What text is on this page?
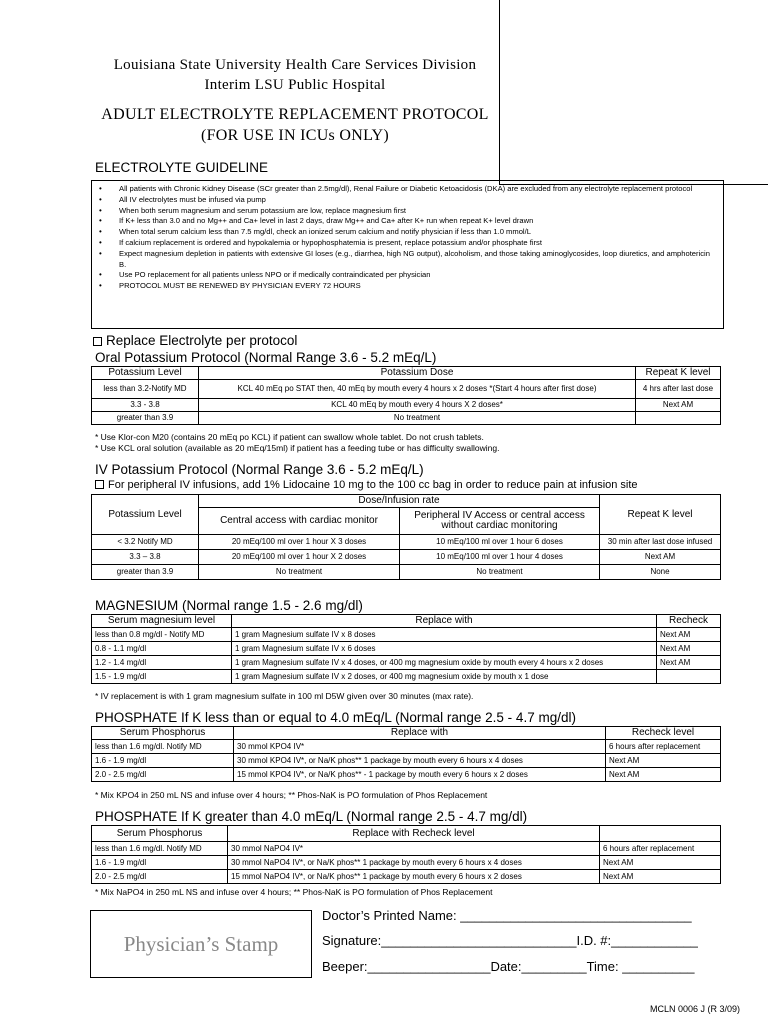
Louisiana State University Health Care Services Division
Interim LSU Public Hospital
ADULT ELECTROLYTE REPLACEMENT PROTOCOL
(FOR USE IN ICUs ONLY)
ELECTROLYTE GUIDELINE
• All patients with Chronic Kidney Disease (SCr greater than 2.5mg/dl), Renal Failure or Diabetic Ketoacidosis (DKA) are excluded from any electrolyte replacement protocol
• All IV electrolytes must be infused via pump
• When both serum magnesium and serum potassium are low, replace magnesium first
• If K+ less than 3.0 and no Mg++ and Ca+ level in last 2 days, draw Mg++ and Ca+ after K+ run when repeat K+ level drawn
• When total serum calcium less than 7.5 mg/dl, check an ionized serum calcium and notify physician if less than 1.0 mmol/L
• If calcium replacement is ordered and hypokalemia or hypophosphatemia is present, replace potassium and/or phosphate first
• Expect magnesium depletion in patients with extensive GI loses (e.g., diarrhea, high NG output), alcoholism, and those taking aminoglycosides, loop diuretics, and amphotericin B.
• Use PO replacement for all patients unless NPO or if medically contraindicated per physician
• PROTOCOL MUST BE RENEWED BY PHYSICIAN EVERY 72 HOURS
Replace Electrolyte per protocol
Oral Potassium Protocol (Normal Range 3.6 - 5.2 mEq/L)
Potassium Level	Potassium Dose	Repeat K level
less than 3.2-Notify MD	KCL 40 mEq po STAT then, 40 mEq by mouth every 4 hours x 2 doses *(Start 4 hours after first dose)	4 hrs after last dose
3.3 - 3.8	KCL 40 mEq by mouth every 4 hours X 2 doses*	Next AM
greater than 3.9	No treatment	
* Use Klor-con M20 (contains 20 mEq po KCL) if patient can swallow whole tablet. Do not crush tablets.
* Use KCL oral solution (available as 20 mEq/15ml) if patient has a feeding tube or has difficulty swallowing.
IV Potassium Protocol (Normal Range 3.6 - 5.2 mEq/L)
For peripheral IV infusions, add 1% Lidocaine 10 mg to the 100 cc bag in order to reduce pain at infusion site
Potassium Level	Dose/Infusion rate		Repeat K level
	Central access with cardiac monitor	Peripheral IV Access or central access without cardiac monitoring	
< 3.2 Notify MD	20 mEq/100 ml over 1 hour X 3 doses	10 mEq/100 ml over 1 hour 6 doses	30 min after last dose infused
3.3 – 3.8	20 mEq/100 ml over 1 hour X 2 doses	10 mEq/100 ml over 1 hour 4 doses	Next AM
greater than 3.9	No treatment	No treatment	None
MAGNESIUM (Normal range 1.5 - 2.6 mg/dl)
Serum magnesium level	Replace with	Recheck
less than 0.8 mg/dl - Notify MD	1 gram Magnesium sulfate IV x 8 doses	Next AM
0.8 - 1.1 mg/dl	1 gram Magnesium sulfate IV x 6 doses	Next AM
1.2 - 1.4 mg/dl	1 gram Magnesium sulfate IV x 4 doses, or 400 mg magnesium oxide by mouth every 4 hours x 2 doses	Next AM
1.5 - 1.9 mg/dl	1 gram Magnesium sulfate IV x 2 doses, or 400 mg magnesium oxide by mouth x 1 dose	
* IV replacement is with 1 gram magnesium sulfate in 100 ml D5W given over 30 minutes (max rate).
PHOSPHATE If K less than or equal to 4.0 mEq/L (Normal range 2.5 - 4.7 mg/dl)
Serum Phosphorus	Replace with	Recheck level
less than 1.6 mg/dl. Notify MD	30 mmol KPO4 IV*	6 hours after replacement
1.6 - 1.9 mg/dl	30 mmol KPO4 IV*, or Na/K phos** 1 package by mouth every 6 hours x 4 doses	Next AM
2.0 - 2.5 mg/dl	15 mmol KPO4 IV*, or Na/K phos** - 1 package by mouth every 6 hours x 2 doses	Next AM
* Mix KPO4 in 250 mL NS and infuse over 4 hours; ** Phos-NaK is PO formulation of Phos Replacement
PHOSPHATE If K greater than 4.0 mEq/L (Normal range 2.5 - 4.7 mg/dl)
Serum Phosphorus	Replace with Recheck level	
less than 1.6 mg/dl. Notify MD	30 mmol NaPO4 IV*	6 hours after replacement
1.6 - 1.9 mg/dl	30 mmol NaPO4 IV*, or Na/K phos** 1 package by mouth every 6 hours x 4 doses	Next AM
2.0 - 2.5 mg/dl	15 mmol NaPO4 IV*, or Na/K phos** 1 package by mouth every 6 hours x 2 doses	Next AM
* Mix NaPO4 in 250 mL NS and infuse over 4 hours; ** Phos-NaK is PO formulation of Phos Replacement
Physician’s Stamp
Doctor’s Printed Name: ________________________________
Signature:___________________________I.D. #:____________
Beeper:_________________Date:_________Time: __________
MCLN 0006 J (R 3/09)
